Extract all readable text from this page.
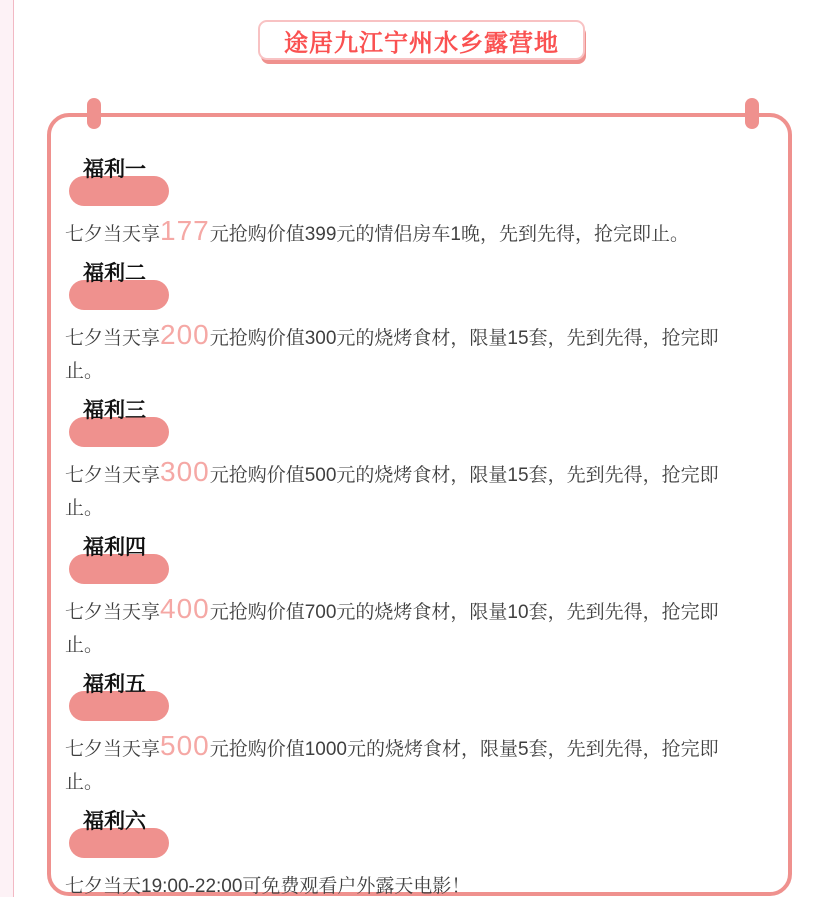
途居九江宁州水乡露营地
福利一

七夕当天享177元抢购价值399元的情侣房车1晚，先到先得，抢完即止。

福利二

七夕当天享200元抢购价值300元的烧烤食材，限量15套，先到先得，抢完即止。

福利三

七夕当天享300元抢购价值500元的烧烤食材，限量15套，先到先得，抢完即止。

福利四

七夕当天享400元抢购价值700元的烧烤食材，限量10套，先到先得，抢完即止。

福利五

七夕当天享500元抢购价值1000元的烧烤食材，限量5套，先到先得，抢完即止。

福利六

七夕当天19:00-22:00可免费观看户外露天电影！
